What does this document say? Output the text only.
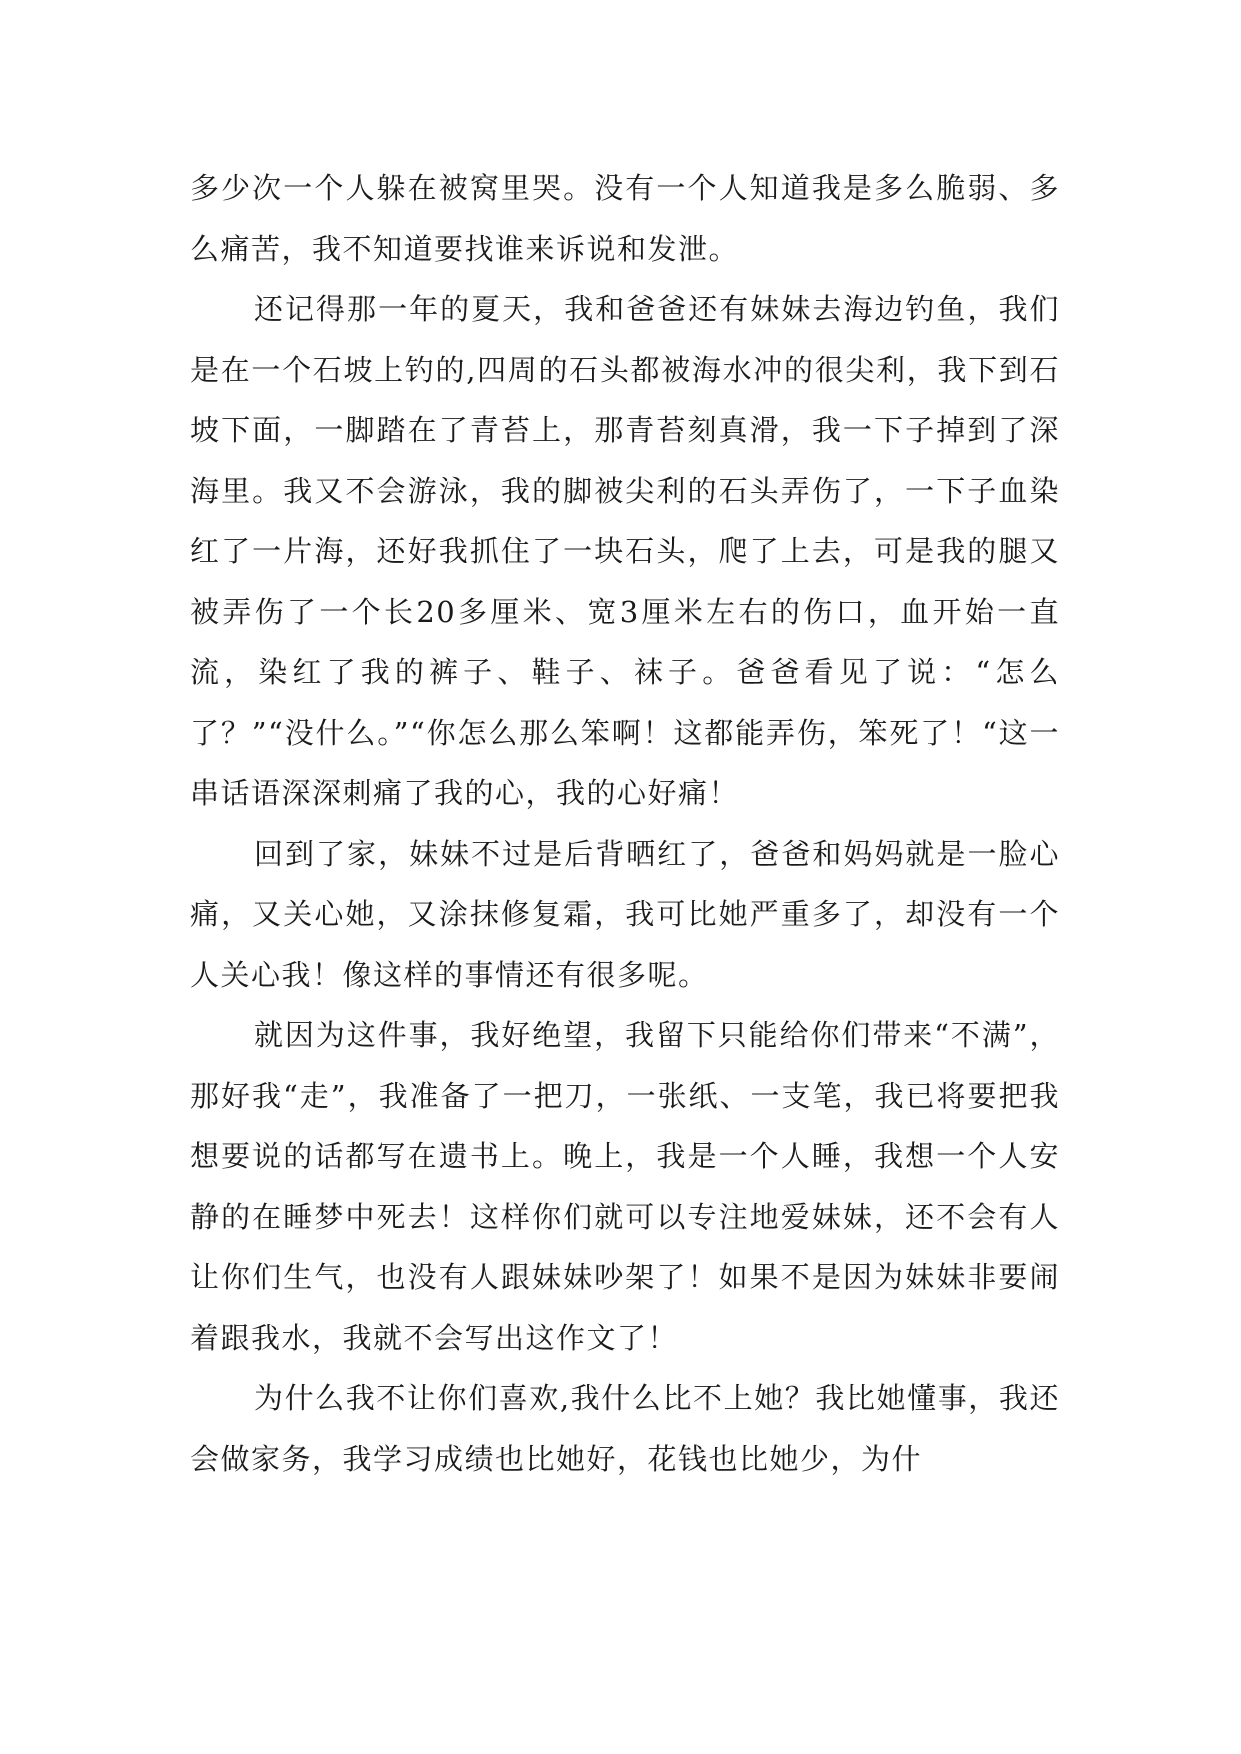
多少次一个人躲在被窝里哭。没有一个人知道我是多么脆弱、多么痛苦，我不知道要找谁来诉说和发泄。

还记得那一年的夏天，我和爸爸还有妹妹去海边钓鱼，我们是在一个石坡上钓的,四周的石头都被海水冲的很尖利，我下到石坡下面，一脚踏在了青苔上，那青苔刻真滑，我一下子掉到了深海里。我又不会游泳，我的脚被尖利的石头弄伤了，一下子血染红了一片海，还好我抓住了一块石头，爬了上去，可是我的腿又被弄伤了一个长20多厘米、宽3厘米左右的伤口，血开始一直流，染红了我的裤子、鞋子、袜子。爸爸看见了说：“怎么了？”“没什么。”“你怎么那么笨啊！这都能弄伤，笨死了！“这一串话语深深刺痛了我的心，我的心好痛！

回到了家，妹妹不过是后背晒红了，爸爸和妈妈就是一脸心痛，又关心她，又涂抹修复霜，我可比她严重多了，却没有一个人关心我！像这样的事情还有很多呢。

就因为这件事，我好绝望，我留下只能给你们带来“不满”，那好我“走”，我准备了一把刀，一张纸、一支笔，我已将要把我想要说的话都写在遗书上。晚上，我是一个人睡，我想一个人安静的在睡梦中死去！这样你们就可以专注地爱妹妹，还不会有人让你们生气，也没有人跟妹妹吵架了！如果不是因为妹妹非要闹着跟我水，我就不会写出这作文了！

为什么我不让你们喜欢,我什么比不上她？我比她懂事，我还会做家务，我学习成绩也比她好，花钱也比她少，为什
